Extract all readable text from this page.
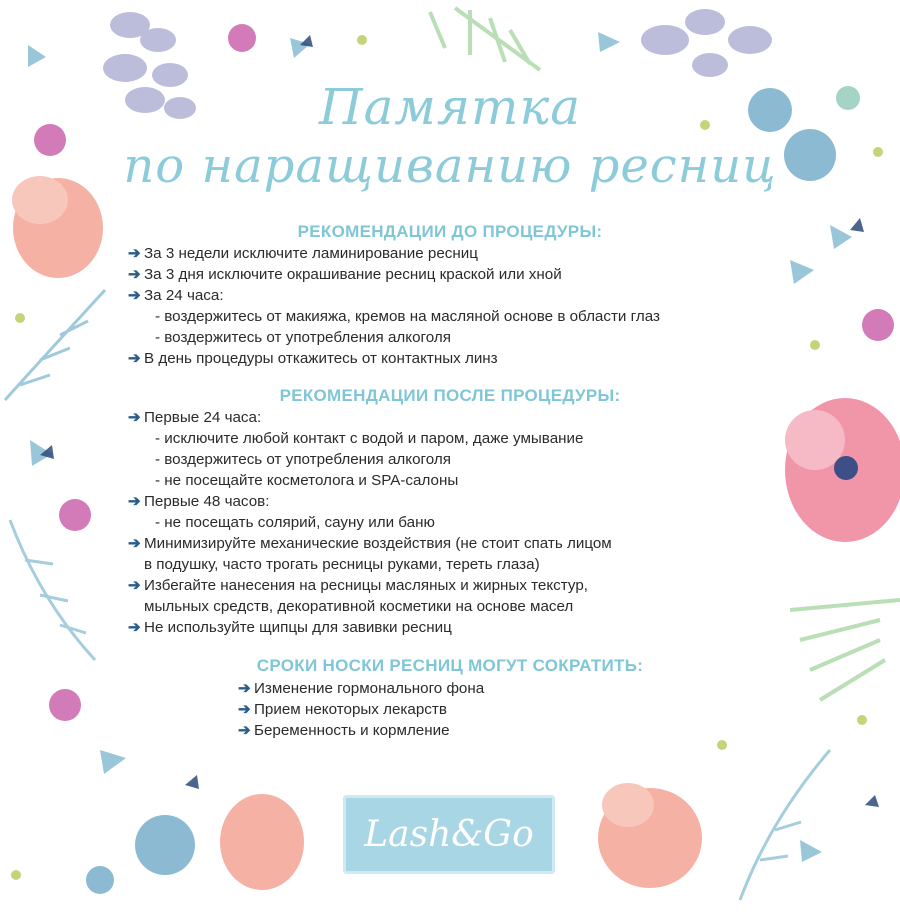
Памятка
по наращиванию ресниц
РЕКОМЕНДАЦИИ ДО ПРОЦЕДУРЫ:
➔ За 3 недели исключите ламинирование ресниц
➔ За 3 дня исключите окрашивание ресниц краской или хной
➔ За 24 часа:
- воздержитесь от макияжа, кремов на масляной основе в области глаз
- воздержитесь от употребления алкоголя
➔ В день процедуры откажитесь от контактных линз
РЕКОМЕНДАЦИИ ПОСЛЕ ПРОЦЕДУРЫ:
➔ Первые 24 часа:
- исключите любой контакт с водой и паром, даже умывание
- воздержитесь от употребления алкоголя
- не посещайте косметолога и SPA-салоны
➔ Первые 48 часов:
- не посещать солярий, сауну или баню
➔ Минимизируйте механические воздействия (не стоит спать лицом
в подушку, часто трогать ресницы руками, тереть глаза)
➔ Избегайте нанесения на ресницы масляных и жирных текстур,
мыльных средств, декоративной косметики на основе масел
➔ Не используйте щипцы для завивки ресниц
СРОКИ НОСКИ РЕСНИЦ МОГУТ СОКРАТИТЬ:
➔ Изменение гормонального фона
➔ Прием некоторых лекарств
➔ Беременность и кормление
Lash&Go
